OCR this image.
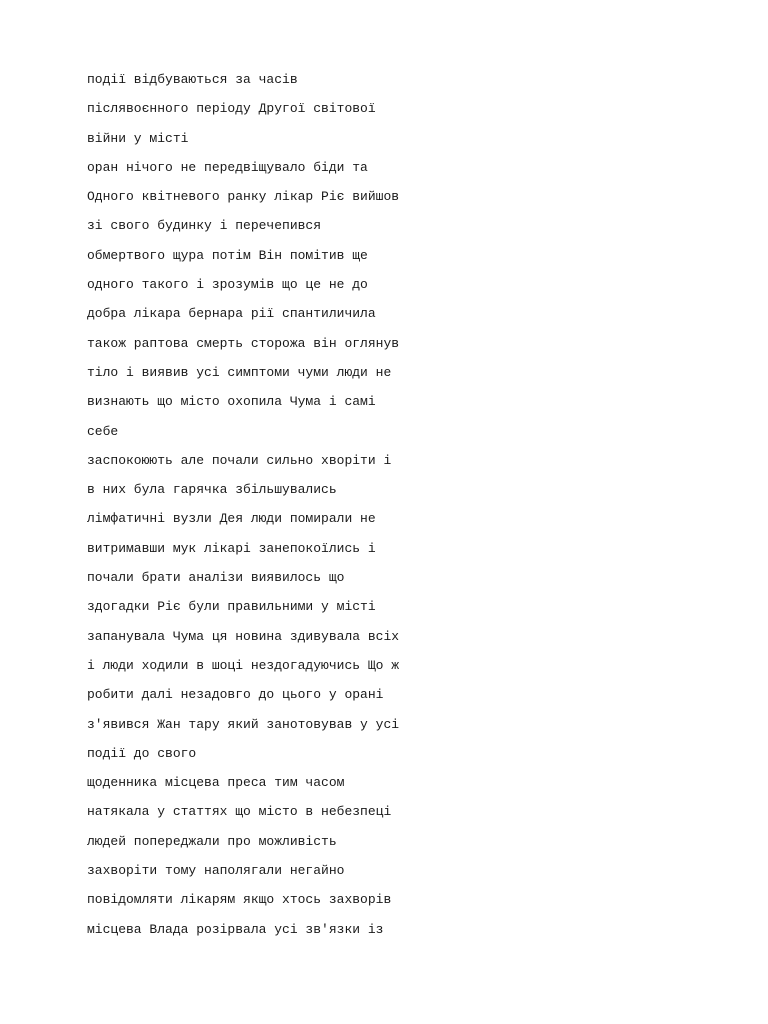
події відбуваються за часів
післявоєнного періоду Другої світової
війни у місті
оран нічого не передвіщувало біди та
Одного квітневого ранку лікар Ріє вийшов
зі свого будинку і перечепився
обмертвого щура потім Він помітив ще
одного такого і зрозумів що це не до
добра лікара бернара рії спантиличила
також раптова смерть сторожа він оглянув
тіло і виявив усі симптоми чуми люди не
визнають що місто охопила Чума і самі
себе
заспокоюють але почали сильно хворіти і
в них була гарячка збільшувались
лімфатичні вузли Дея люди помирали не
витримавши мук лікарі занепокоїлись і
почали брати аналізи виявилось що
здогадки Ріє були правильними у місті
запанувала Чума ця новина здивувала всіх
і люди ходили в шоці нездогадуючись Що ж
робити далі незадовго до цього у орані
з'явився Жан тару який занотовував у усі
події до свого
щоденника місцева преса тим часом
натякала у статтях що місто в небезпеці
людей попереджали про можливість
захворіти тому наполягали негайно
повідомляти лікарям якщо хтось захворів
місцева Влада розірвала усі зв'язки із
